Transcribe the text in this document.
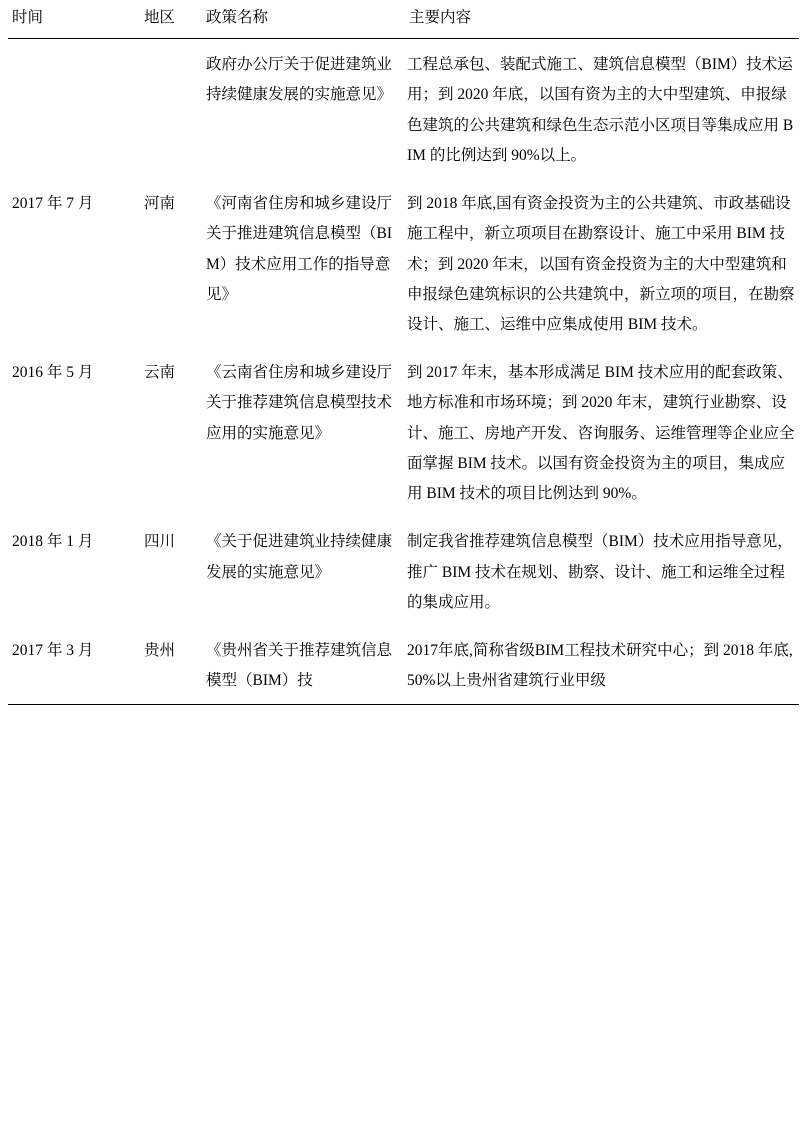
时间	地区	政策名称	主要内容
		政府办公厅关于促进建筑业持续健康发展的实施意见》	工程总承包、装配式施工、建筑信息模型（BIM）技术运用；到 2020 年底，以国有资为主的大中型建筑、申报绿色建筑的公共建筑和绿色生态示范小区项目等集成应用 BIM 的比例达到 90%以上。
2017 年 7 月	河南	《河南省住房和城乡建设厅关于推进建筑信息模型（BIM）技术应用工作的指导意见》	到 2018 年底,国有资金投资为主的公共建筑、市政基础设施工程中，新立项项目在勘察设计、施工中采用 BIM 技术；到 2020 年末，以国有资金投资为主的大中型建筑和申报绿色建筑标识的公共建筑中，新立项的项目，在勘察设计、施工、运维中应集成使用 BIM 技术。
2016 年 5 月	云南	《云南省住房和城乡建设厅关于推荐建筑信息模型技术应用的实施意见》	到 2017 年末，基本形成满足 BIM 技术应用的配套政策、地方标准和市场环境；到 2020 年末，建筑行业勘察、设计、施工、房地产开发、咨询服务、运维管理等企业应全面掌握 BIM 技术。以国有资金投资为主的项目，集成应用 BIM 技术的项目比例达到 90%。
2018 年 1 月	四川	《关于促进建筑业持续健康发展的实施意见》	制定我省推荐建筑信息模型（BIM）技术应用指导意见，推广 BIM 技术在规划、勘察、设计、施工和运维全过程的集成应用。
2017 年 3 月	贵州	《贵州省关于推荐建筑信息模型（BIM）技	2017年底,简称省级BIM工程技术研究中心；到 2018 年底, 50%以上贵州省建筑行业甲级
